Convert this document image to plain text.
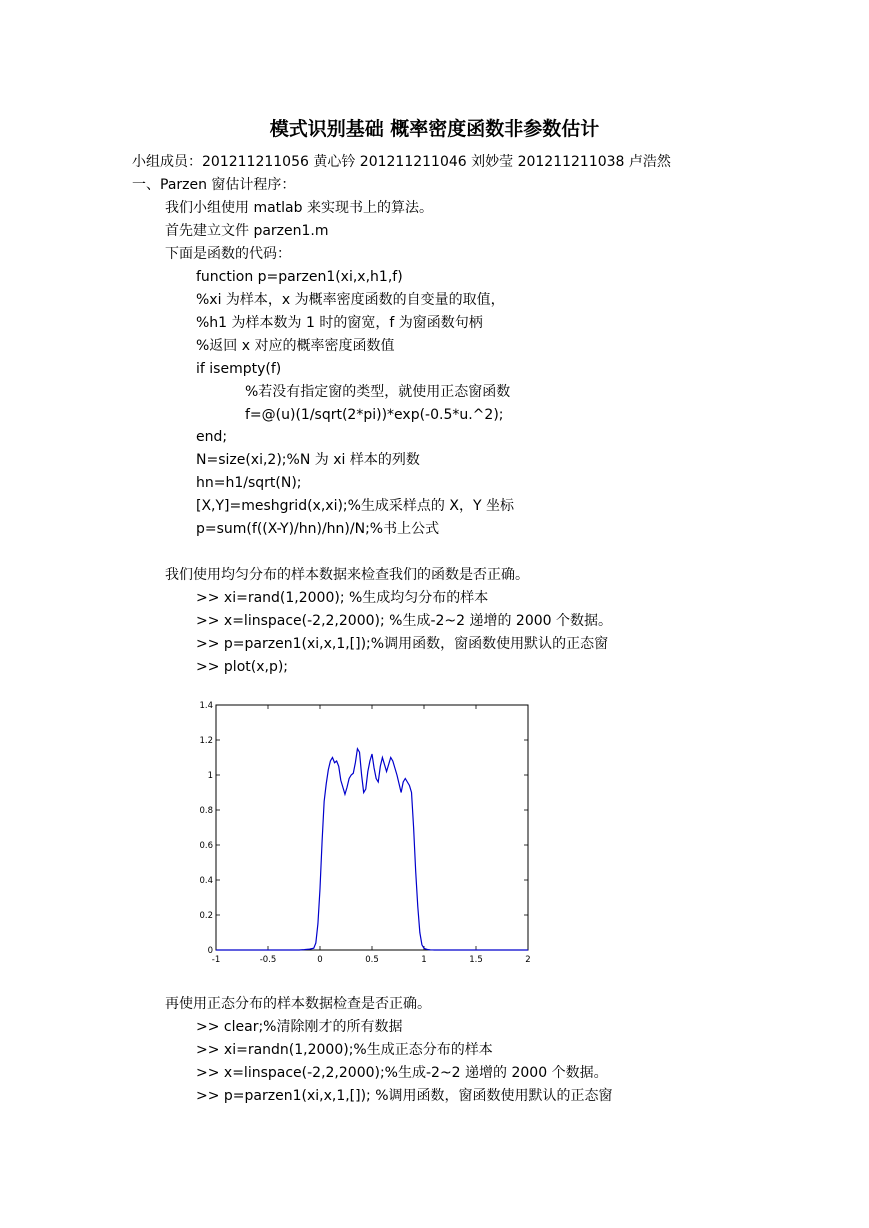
模式识别基础 概率密度函数非参数估计
小组成员：201211211056 黄心钤 201211211046 刘妙莹 201211211038 卢浩然
一、Parzen 窗估计程序：
我们小组使用 matlab 来实现书上的算法。
首先建立文件 parzen1.m
下面是函数的代码：
function p=parzen1(xi,x,h1,f)
%xi 为样本，x 为概率密度函数的自变量的取值，
%h1 为样本数为 1 时的窗宽，f 为窗函数句柄
%返回 x 对应的概率密度函数值
if isempty(f)
%若没有指定窗的类型，就使用正态窗函数
f=@(u)(1/sqrt(2*pi))*exp(-0.5*u.^2);
end;
N=size(xi,2);%N 为 xi 样本的列数
hn=h1/sqrt(N);
[X,Y]=meshgrid(x,xi);%生成采样点的 X，Y 坐标
p=sum(f((X-Y)/hn)/hn)/N;%书上公式
我们使用均匀分布的样本数据来检查我们的函数是否正确。
>> xi=rand(1,2000); %生成均匀分布的样本
>> x=linspace(-2,2,2000); %生成-2~2 递增的 2000 个数据。
>> p=parzen1(xi,x,1,[]);%调用函数，窗函数使用默认的正态窗
>> plot(x,p);
-1	-0.5	0	0.5	1	1.5	2
0
0.2
0.4
0.6
0.8
1
1.2
1.4
再使用正态分布的样本数据检查是否正确。
>> clear;%清除刚才的所有数据
>> xi=randn(1,2000);%生成正态分布的样本
>> x=linspace(-2,2,2000);%生成-2~2 递增的 2000 个数据。
>> p=parzen1(xi,x,1,[]); %调用函数，窗函数使用默认的正态窗
